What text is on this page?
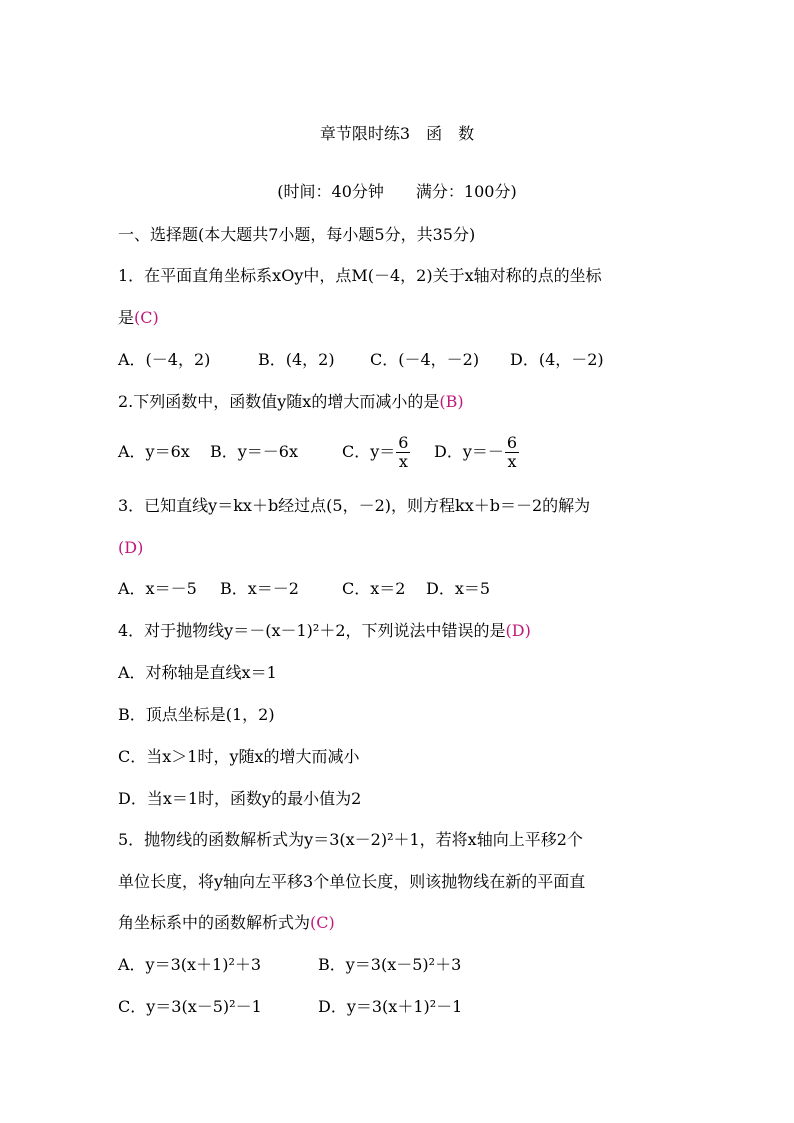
章节限时练3　函　数
(时间：40分钟　　满分：100分)
一、选择题(本大题共7小题，每小题5分，共35分)
1．在平面直角坐标系xOy中，点M(－4，2)关于x轴对称的点的坐标
是(C)
A．(－4，2)	B．(4，2) C．(－4，－2) D．(4，－2)
2.下列函数中，函数值y随x的增大而减小的是(B)
A．y＝6x B．y＝－6x	C．$y= \frac{6}{x}$ D．$y=- \frac{6}{x}$
3．已知直线y＝kx＋b经过点(5，－2)，则方程kx＋b＝－2的解为
(D)
A．x＝－5 B．x＝－2	C．x＝2 D．x＝5
4．对于抛物线y＝－(x－1)²＋2，下列说法中错误的是(D)
A．对称轴是直线x＝1
B．顶点坐标是(1，2)
C．当x＞1时，y随x的增大而减小
D．当x＝1时，函数y的最小值为2
5．抛物线的函数解析式为y＝3(x－2)²＋1，若将x轴向上平移2个
单位长度，将y轴向左平移3个单位长度，则该抛物线在新的平面直
角坐标系中的函数解析式为(C)
A．y＝3(x＋1)²＋3	B．y＝3(x－5)²＋3
C．y＝3(x－5)²－1	D．y＝3(x＋1)²－1
